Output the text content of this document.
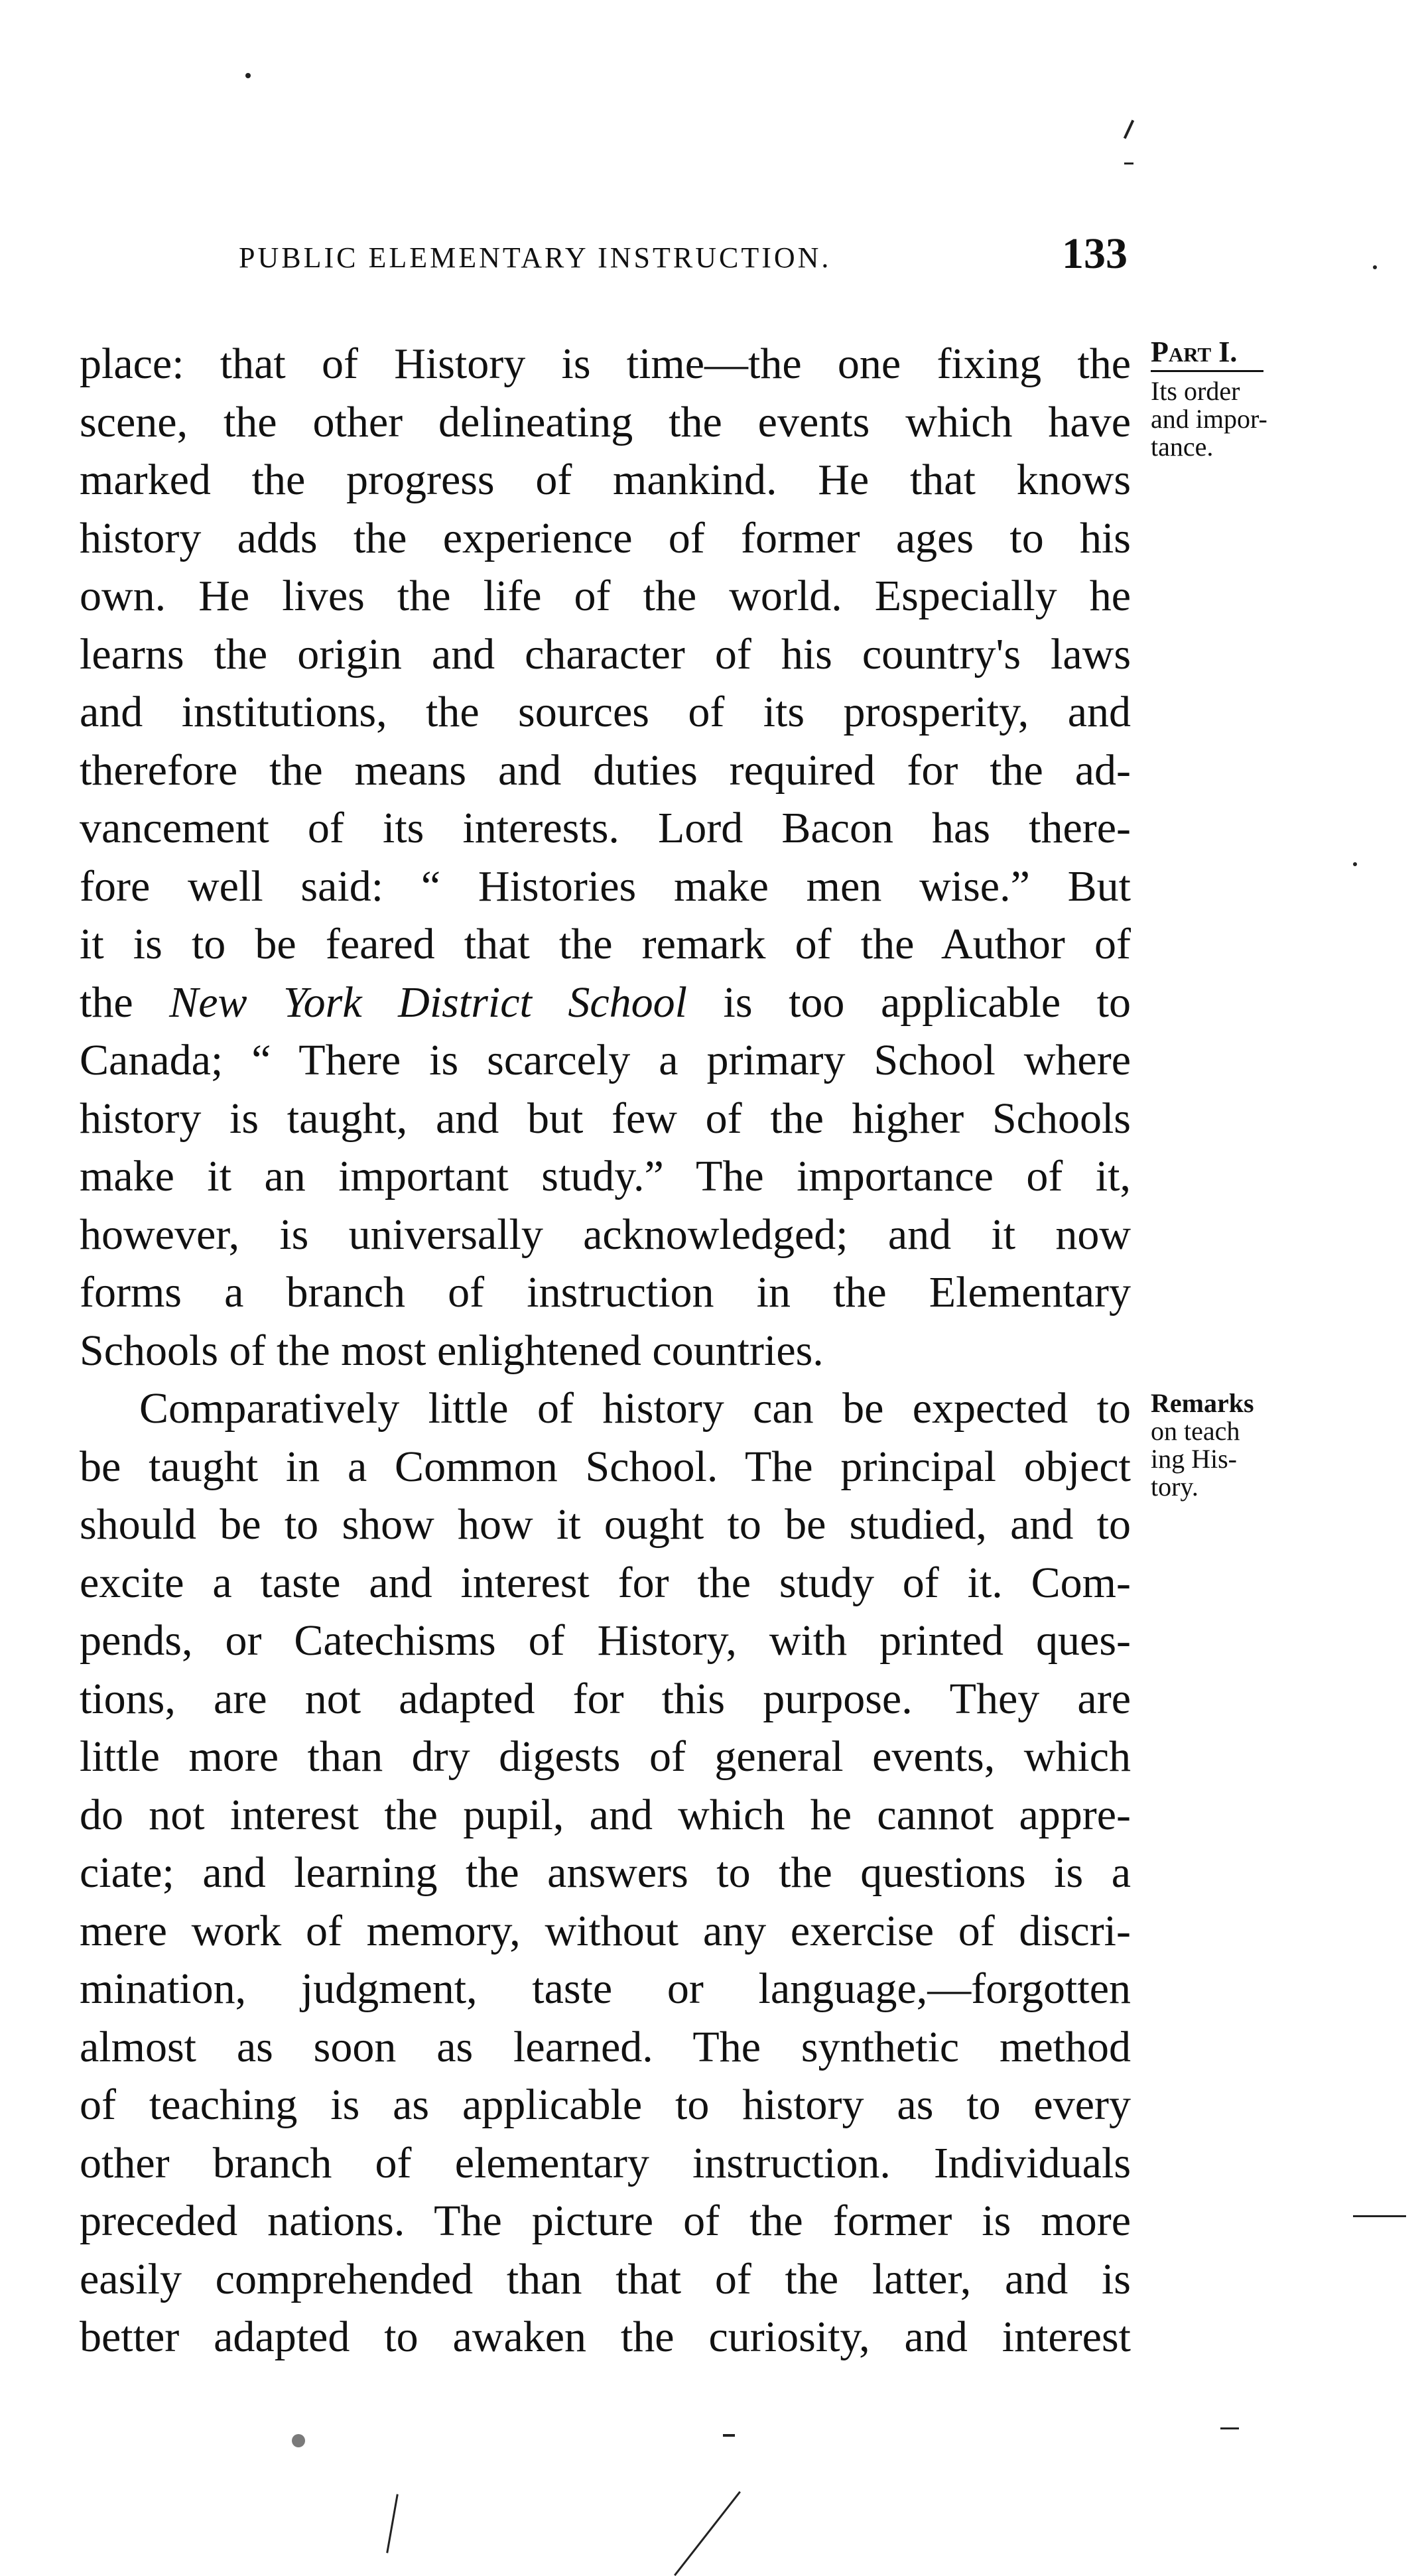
PUBLIC ELEMENTARY INSTRUCTION.	133
Part I.
Its order
and impor-tance.
Remarks
on teach
ing His-
tory.
place: that of History is time—the one fixing the
scene, the other delineating the events which have
marked the progress of mankind. He that knows
history adds the experience of former ages to his
own. He lives the life of the world. Especially he
learns the origin and character of his country's laws
and institutions, the sources of its prosperity, and
therefore the means and duties required for the ad-
vancement of its interests. Lord Bacon has there-
fore well said: “ Histories make men wise.” But
it is to be feared that the remark of the Author of
the New York District School is too applicable to
Canada; “ There is scarcely a primary School where
history is taught, and but few of the higher Schools
make it an important study.” The importance of it,
however, is universally acknowledged; and it now
forms a branch of instruction in the Elementary
Schools of the most enlightened countries.
Comparatively little of history can be expected to
be taught in a Common School. The principal object
should be to show how it ought to be studied, and to
excite a taste and interest for the study of it. Com-
pends, or Catechisms of History, with printed ques-
tions, are not adapted for this purpose. They are
little more than dry digests of general events, which
do not interest the pupil, and which he cannot appre-
ciate; and learning the answers to the questions is a
mere work of memory, without any exercise of discri-
mination, judgment, taste or language,—forgotten
almost as soon as learned. The synthetic method
of teaching is as applicable to history as to every
other branch of elementary instruction. Individuals
preceded nations. The picture of the former is more
easily comprehended than that of the latter, and is
better adapted to awaken the curiosity, and interest
